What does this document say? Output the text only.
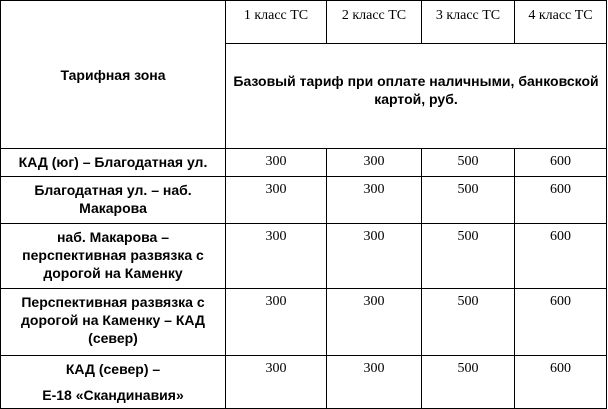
Тарифная зона	1 класс ТС	2 класс ТС	3 класс ТС	4 класс ТС
	Базовый тариф при оплате наличными, банковской картой, руб.			
КАД (юг) – Благодатная ул.	300	300	500	600
Благодатная ул. – наб. Макарова	300	300	500	600
наб. Макарова – перспективная развязка с дорогой на Каменку	300	300	500	600
Перспективная развязка с дорогой на Каменку – КАД (север)	300	300	500	600
КАД (север) –
Е-18 «Скандинавия»	300	300	500	600
